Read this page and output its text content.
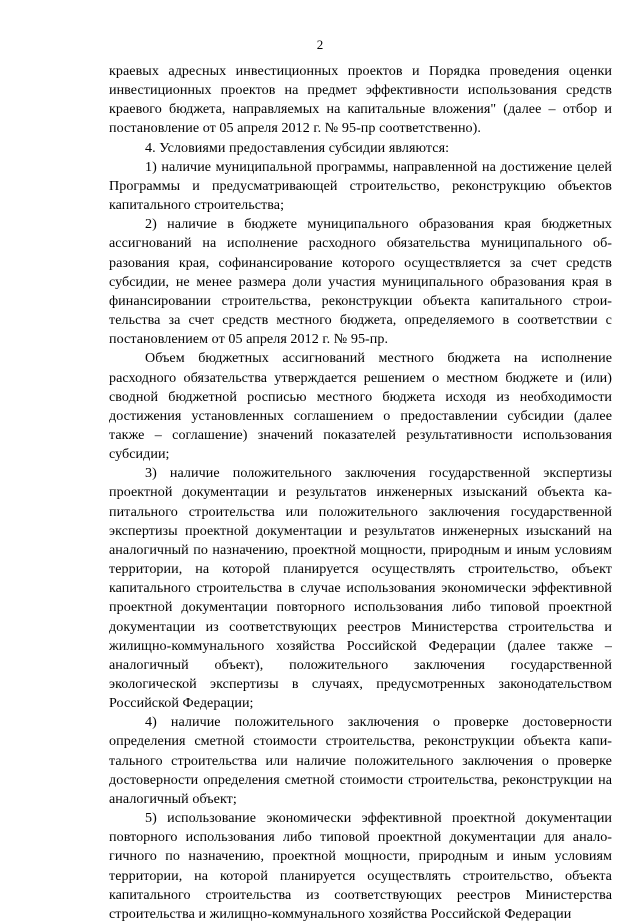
2

краевых адресных инвестиционных проектов и Порядка проведения оценки инвестиционных проектов на предмет эффективности использования средств краевого бюджета, направляемых на капитальные вложения" (далее – отбор и постановление от 05 апреля 2012 г. № 95-пр соответственно).

4. Условиями предоставления субсидии являются:

1) наличие муниципальной программы, направленной на достижение целей Программы и предусматривающей строительство, реконструкцию объектов капитального строительства;

2) наличие в бюджете муниципального образования края бюджетных ассигнований на исполнение расходного обязательства муниципального образования края, софинансирование которого осуществляется за счет средств субсидии, не менее размера доли участия муниципального образования края в финансировании строительства, реконструкции объекта капитального строительства за счет средств местного бюджета, определяемого в соответствии с постановлением от 05 апреля 2012 г. № 95-пр.

Объем бюджетных ассигнований местного бюджета на исполнение расходного обязательства утверждается решением о местном бюджете и (или) сводной бюджетной росписью местного бюджета исходя из необходимости достижения установленных соглашением о предоставлении субсидии (далее также – соглашение) значений показателей результативности использования субсидии;

3) наличие положительного заключения государственной экспертизы проектной документации и результатов инженерных изысканий объекта капитального строительства или положительного заключения государственной экспертизы проектной документации и результатов инженерных изысканий на аналогичный по назначению, проектной мощности, природным и иным условиям территории, на которой планируется осуществлять строительство, объект капитального строительства в случае использования экономически эффективной проектной документации повторного использования либо типовой проектной документации из соответствующих реестров Министерства строительства и жилищно-коммунального хозяйства Российской Федерации (далее также – аналогичный объект), положительного заключения государственной экологической экспертизы в случаях, предусмотренных законодательством Российской Федерации;

4) наличие положительного заключения о проверке достоверности определения сметной стоимости строительства, реконструкции объекта капитального строительства или наличие положительного заключения о проверке достоверности определения сметной стоимости строительства, реконструкции на аналогичный объект;

5) использование экономически эффективной проектной документации повторного использования либо типовой проектной документации для аналогичного по назначению, проектной мощности, природным и иным условиям территории, на которой планируется осуществлять строительство, объекта капитального строительства из соответствующих реестров Министерства строительства и жилищно-коммунального хозяйства Российской Федерации
